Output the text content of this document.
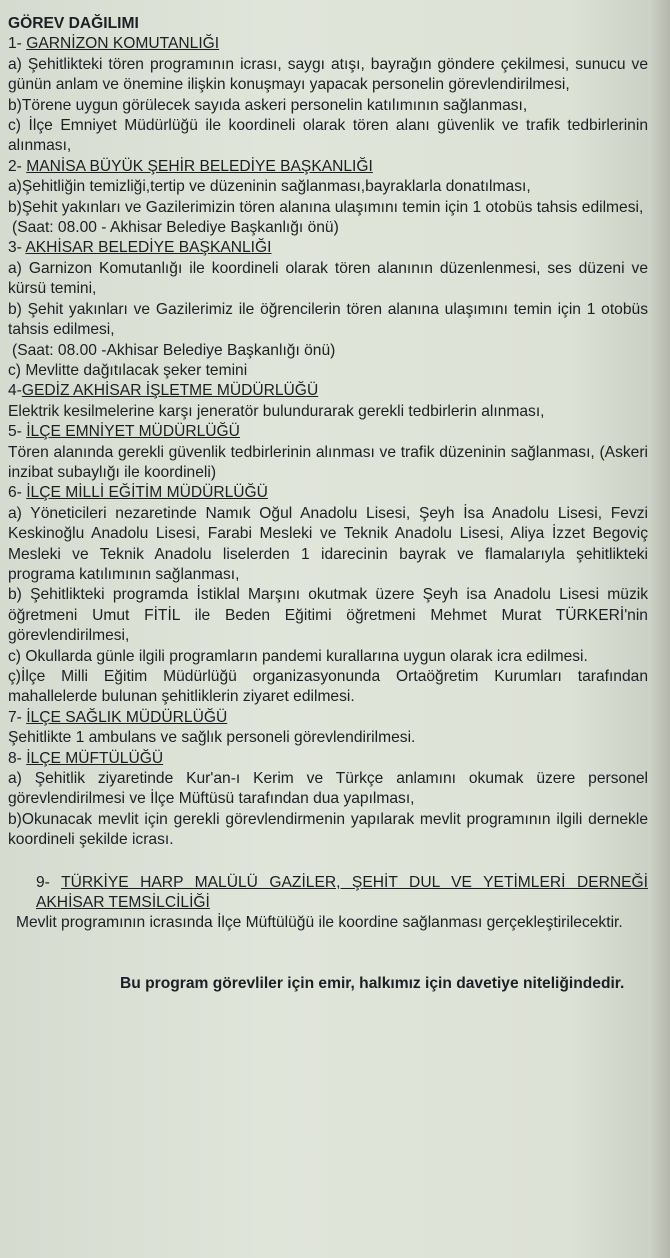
GÖREV DAĞILIMI

1- GARNİZON KOMUTANLIĞI

a) Şehitlikteki tören programının icrası, saygı atışı, bayrağın göndere çekilmesi, sunucu ve günün anlam ve önemine ilişkin konuşmayı yapacak personelin görevlendirilmesi,

b)Törene uygun görülecek sayıda askeri personelin katılımının sağlanması,

c) İlçe Emniyet Müdürlüğü ile koordineli olarak tören alanı güvenlik ve trafik tedbirlerinin alınması,

2- MANİSA BÜYÜK ŞEHİR BELEDİYE BAŞKANLIĞI

a)Şehitliğin temizliği,tertip ve düzeninin sağlanması,bayraklarla donatılması,

b)Şehit yakınları ve Gazilerimizin tören alanına ulaşımını temin için 1 otobüs tahsis edilmesi,

(Saat: 08.00 - Akhisar Belediye Başkanlığı önü)

3- AKHİSAR BELEDİYE BAŞKANLIĞI

a) Garnizon Komutanlığı ile koordineli olarak tören alanının düzenlenmesi, ses düzeni ve kürsü temini,

b) Şehit yakınları ve Gazilerimiz ile öğrencilerin tören alanına ulaşımını temin için 1 otobüs tahsis edilmesi,

(Saat: 08.00 -Akhisar Belediye Başkanlığı önü)

c) Mevlitte dağıtılacak şeker temini

4-GEDİZ AKHİSAR İŞLETME MÜDÜRLÜĞÜ

Elektrik kesilmelerine karşı jeneratör bulundurarak gerekli tedbirlerin alınması,

5- İLÇE EMNİYET MÜDÜRLÜĞÜ

Tören alanında gerekli güvenlik tedbirlerinin alınması ve trafik düzeninin sağlanması, (Askeri inzibat subaylığı ile koordineli)

6- İLÇE MİLLİ EĞİTİM MÜDÜRLÜĞÜ

a) Yöneticileri nezaretinde Namık Oğul Anadolu Lisesi, Şeyh İsa Anadolu Lisesi, Fevzi Keskinoğlu Anadolu Lisesi, Farabi Mesleki ve Teknik Anadolu Lisesi, Aliya İzzet Begoviç Mesleki ve Teknik Anadolu liselerden 1 idarecinin bayrak ve flamalarıyla şehitlikteki programa katılımının sağlanması,

b) Şehitlikteki programda İstiklal Marşını okutmak üzere Şeyh isa Anadolu Lisesi müzik öğretmeni Umut FİTİL ile Beden Eğitimi öğretmeni Mehmet Murat TÜRKERİ'nin görevlendirilmesi,

c) Okullarda günle ilgili programların pandemi kurallarına uygun olarak icra edilmesi.

ç)İlçe Milli Eğitim Müdürlüğü organizasyonunda Ortaöğretim Kurumları tarafından mahallelerde bulunan şehitliklerin ziyaret edilmesi.

7- İLÇE SAĞLIK MÜDÜRLÜĞÜ

Şehitlikte 1 ambulans ve sağlık personeli görevlendirilmesi.

8- İLÇE MÜFTÜLÜĞÜ

a) Şehitlik ziyaretinde Kur'an-ı Kerim ve Türkçe anlamını okumak üzere personel görevlendirilmesi ve İlçe Müftüsü tarafından dua yapılması,

b)Okunacak mevlit için gerekli görevlendirmenin yapılarak mevlit programının ilgili dernekle koordineli şekilde icrası.

9- TÜRKİYE HARP MALÜLÜ GAZİLER, ŞEHİT DUL VE YETİMLERİ DERNEĞİ AKHİSAR TEMSİLCİLİĞİ

Mevlit programının icrasında İlçe Müftülüğü ile koordine sağlanması gerçekleştirilecektir.

Bu program görevliler için emir, halkımız için davetiye niteliğindedir.
